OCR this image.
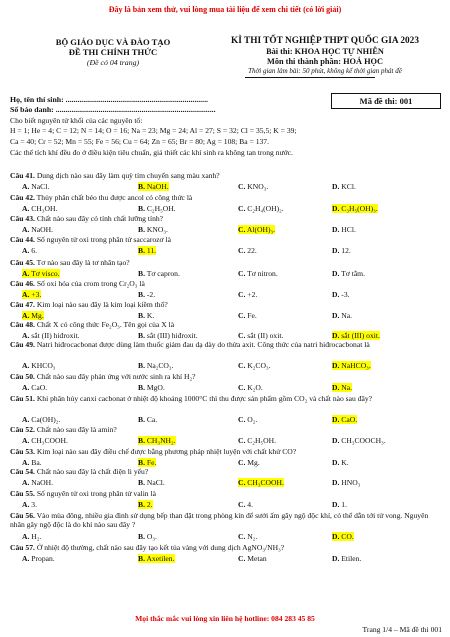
Đây là bản xem thử, vui lòng mua tài liệu để xem chi tiết (có lời giải)
BỘ GIÁO DỤC VÀ ĐÀO TẠO
ĐỀ THI CHÍNH THỨC
(Đề có 04 trang)
KÌ THI TỐT NGHIỆP THPT QUỐC GIA 2023
Bài thi: KHOA HỌC TỰ NHIÊN
Môn thi thành phần: HOÁ HỌC
Thời gian làm bài: 50 phút, không kể thời gian phát đề
Họ, tên thí sinh: .........................................................................
Số báo danh: ..................................................................................
Mã đề thi: 001
Cho biết nguyên tử khối của các nguyên tố:
H = 1; He = 4; C = 12; N = 14; O = 16; Na = 23; Mg = 24; Al = 27; S = 32; Cl = 35,5; K = 39;
Ca = 40; Cr = 52; Mn = 55; Fe = 56; Cu = 64; Zn = 65; Br = 80; Ag = 108; Ba = 137.
Các thể tích khí đều đo ở điều kiện tiêu chuẩn, giả thiết các khí sinh ra không tan trong nước.
Câu 41. Dung dịch nào sau đây làm quỳ tím chuyển sang màu xanh?
A. NaCl.	B. NaOH.	C. KNO₃.	D. KCl.
Câu 42. Thủy phân chất béo thu được ancol có công thức là
A. CH₃OH.	B. C₂H₅OH.	C. C₂H₄(OH)₂.	D. C₃H₅(OH)₃.
Câu 43. Chất nào sau đây có tính chất lưỡng tính?
A. NaOH.	B. KNO₃.	C. Al(OH)₃.	D. HCl.
Câu 44. Số nguyên tử oxi trong phân tử saccarozơ là
A. 6.	B. 11.	C. 22.	D. 12.
Câu 45. Tơ nào sau đây là tơ nhân tạo?
A. Tơ visco.	B. Tơ capron.	C. Tơ nitron.	D. Tơ tằm.
Câu 46. Số oxi hóa của crom trong Cr₂O₃ là
A. +3.	B. -2.	C. +2.	D. -3.
Câu 47. Kim loại nào sau đây là kim loại kiềm thổ?
A. Mg.	B. K.	C. Fe.	D. Na.
Câu 48. Chất X có công thức Fe₂O₃. Tên gọi của X là
A. sắt (II) hiđroxit.	B. sắt (III) hiđroxit.	C. sắt (II) oxit.	D. sắt (III) oxit.
Câu 49. Natri hiđrocacbonat được dùng làm thuốc giảm đau dạ dày do thừa axit. Công thức của natri hiđrocacbonat là
A. KHCO₃	B. Na₂CO₃.	C. K₂CO₃.	D. NaHCO₃.
Câu 50. Chất nào sau đây phản ứng với nước sinh ra khí H₂?
A. CaO.	B. MgO.	C. K₂O.	D. Na.
Câu 51. Khi phân hủy canxi cacbonat ở nhiệt độ khoảng 1000°C thì thu được sản phẩm gồm CO₂ và chất nào sau đây?
A. Ca(OH)₂.	B. Ca.	C. O₂.	D. CaO.
Câu 52. Chất nào sau đây là amin?
A. CH₃COOH.	B. CH₃NH₂.	C. C₂H₅OH.	D. CH₃COOCH₃.
Câu 53. Kim loại nào sau đây điều chế được bằng phương pháp nhiệt luyện với chất khử CO?
A. Ba.	B. Fe.	C. Mg.	D. K.
Câu 54. Chất nào sau đây là chất điện li yếu?
A. NaOH.	B. NaCl.	C. CH₃COOH.	D. HNO₃
Câu 55. Số nguyên tử oxi trong phân tử valin là
A. 3.	B. 2.	C. 4.	D. 1.
Câu 56. Vào mùa đông, nhiều gia đình sử dụng bếp than đặt trong phòng kín để sưởi ấm gây ngộ độc khí, có thể dẫn tới tử vong. Nguyên nhân gây ngộ độc là do khí nào sau đây ?
A. H₂.	B. O₃.	C. N₂.	D. CO.
Câu 57. Ở nhiệt độ thường, chất nào sau đây tạo kết tủa vàng với dung dịch AgNO₃/NH₃?
A. Propan.	B. Axetilen.	C. Metan	D. Etilen.
Mọi thắc mắc vui lòng xin liên hệ hotline: 084 283 45 85
Trang 1/4 – Mã đề thi 001
